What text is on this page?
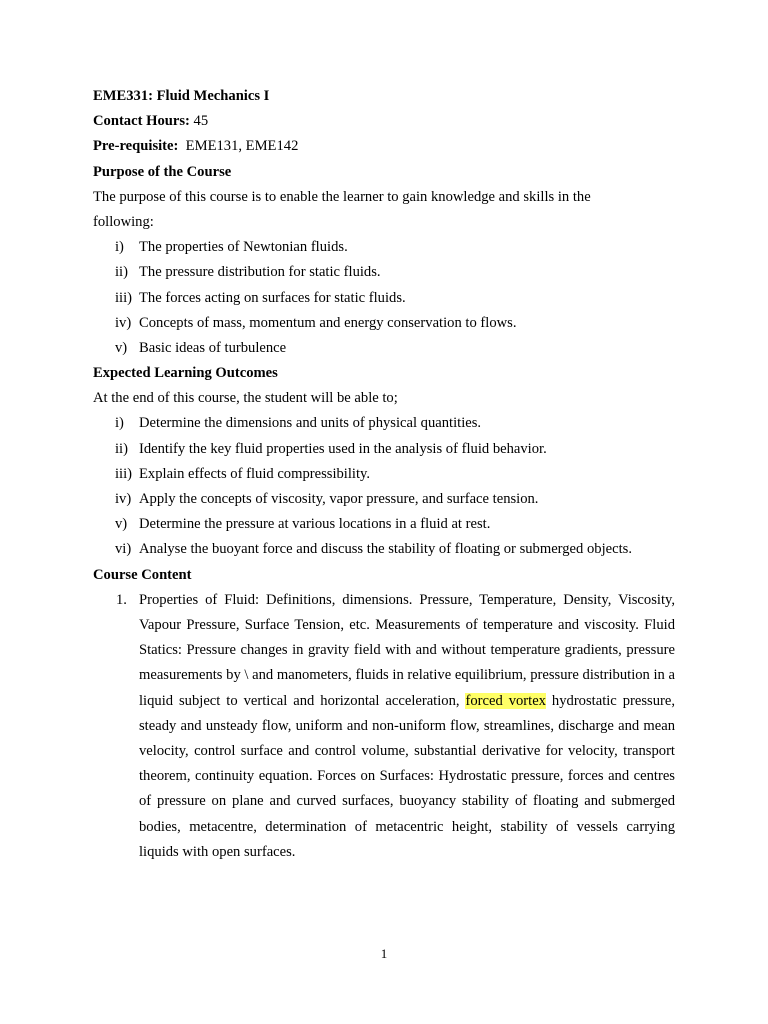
EME331: Fluid Mechanics I
Contact Hours: 45
Pre-requisite: EME131, EME142
Purpose of the Course
The purpose of this course is to enable the learner to gain knowledge and skills in the
following:
i) The properties of Newtonian fluids.
ii) The pressure distribution for static fluids.
iii) The forces acting on surfaces for static fluids.
iv) Concepts of mass, momentum and energy conservation to flows.
v) Basic ideas of turbulence
Expected Learning Outcomes
At the end of this course, the student will be able to;
i) Determine the dimensions and units of physical quantities.
ii) Identify the key fluid properties used in the analysis of fluid behavior.
iii) Explain effects of fluid compressibility.
iv) Apply the concepts of viscosity, vapor pressure, and surface tension.
v) Determine the pressure at various locations in a fluid at rest.
vi) Analyse the buoyant force and discuss the stability of floating or submerged objects.
Course Content
1. Properties of Fluid: Definitions, dimensions. Pressure, Temperature, Density, Viscosity, Vapour Pressure, Surface Tension, etc. Measurements of temperature and viscosity. Fluid Statics: Pressure changes in gravity field with and without temperature gradients, pressure measurements by \ and manometers, fluids in relative equilibrium, pressure distribution in a liquid subject to vertical and horizontal acceleration, forced vortex hydrostatic pressure, steady and unsteady flow, uniform and non-uniform flow, streamlines, discharge and mean velocity, control surface and control volume, substantial derivative for velocity, transport theorem, continuity equation. Forces on Surfaces: Hydrostatic pressure, forces and centres of pressure on plane and curved surfaces, buoyancy stability of floating and submerged bodies, metacentre, determination of metacentric height, stability of vessels carrying liquids with open surfaces.
1
